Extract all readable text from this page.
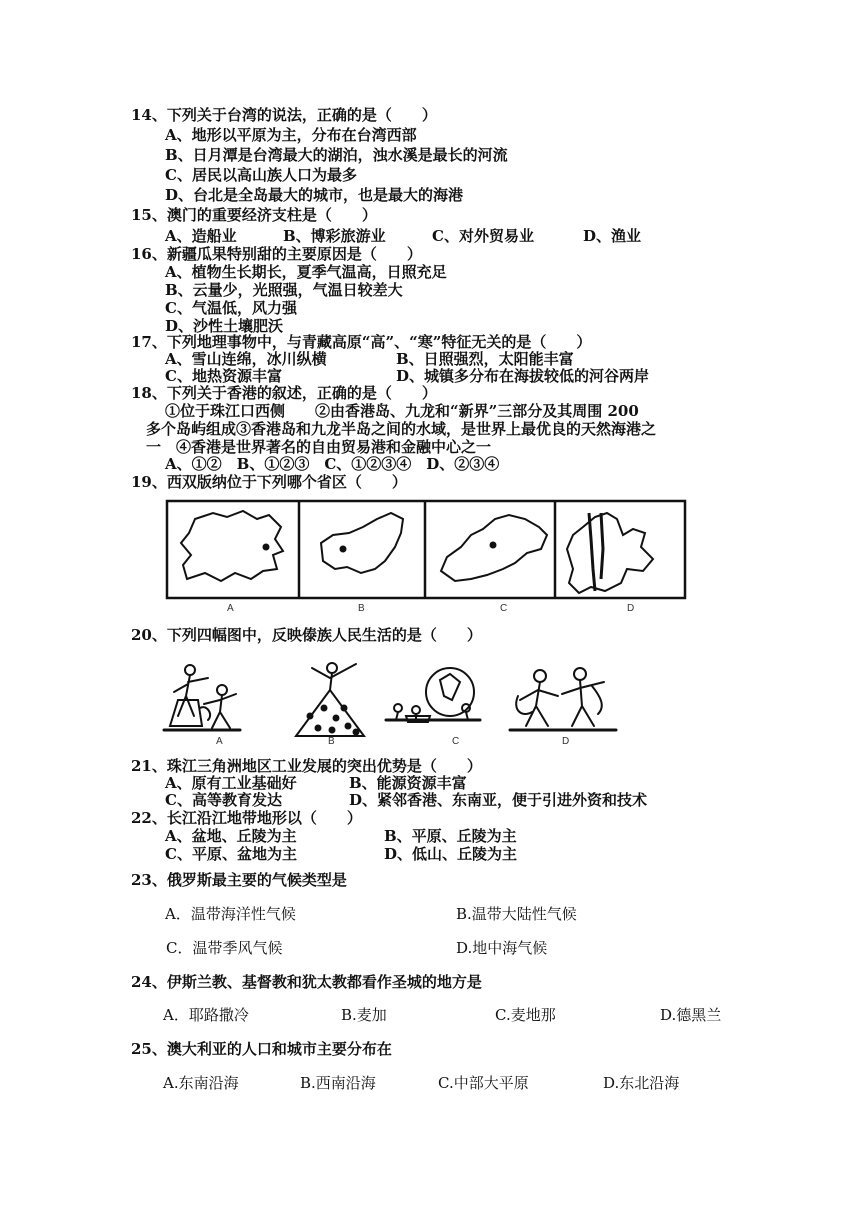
14、下列关于台湾的说法，正确的是（　　）
A、地形以平原为主，分布在台湾西部
B、日月潭是台湾最大的湖泊，浊水溪是最长的河流
C、居民以高山族人口为最多
D、台北是全岛最大的城市，也是最大的海港
15、澳门的重要经济支柱是（　　）
A、造船业	B、博彩旅游业	C、对外贸易业	D、渔业
16、新疆瓜果特别甜的主要原因是（　　）
A、植物生长期长，夏季气温高，日照充足
B、云量少，光照强，气温日较差大
C、气温低，风力强
D、沙性土壤肥沃
17、下列地理事物中，与青藏高原“高”、“寒”特征无关的是（　　）
A、雪山连绵，冰川纵横	B、日照强烈，太阳能丰富
C、地热资源丰富	D、城镇多分布在海拔较低的河谷两岸
18、下列关于香港的叙述，正确的是（　　）
①位于珠江口西侧　　②由香港岛、九龙和“新界”三部分及其周围 200
多个岛屿组成③香港岛和九龙半岛之间的水域，是世界上最优良的天然海港之
一　④香港是世界著名的自由贸易港和金融中心之一
A、①②　B、①②③　C、①②③④　D、②③④
19、西双版纳位于下列哪个省区（　　）
A	B	C	D
20、下列四幅图中，反映傣族人民生活的是（　　）
A	B	C	D
21、珠江三角洲地区工业发展的突出优势是（　　）
A、原有工业基础好	B、能源资源丰富
C、高等教育发达	D、紧邻香港、东南亚，便于引进外资和技术
22、长江沿江地带地形以（　　）
A、盆地、丘陵为主	B、平原、丘陵为主
C、平原、盆地为主	D、低山、丘陵为主
23、俄罗斯最主要的气候类型是
A．温带海洋性气候	B.温带大陆性气候
C．温带季风气候	D.地中海气候
24、伊斯兰教、基督教和犹太教都看作圣城的地方是
A．耶路撒冷	B.麦加	C.麦地那	D.德黑兰
25、澳大利亚的人口和城市主要分布在
A.东南沿海	B.西南沿海	C.中部大平原	D.东北沿海
